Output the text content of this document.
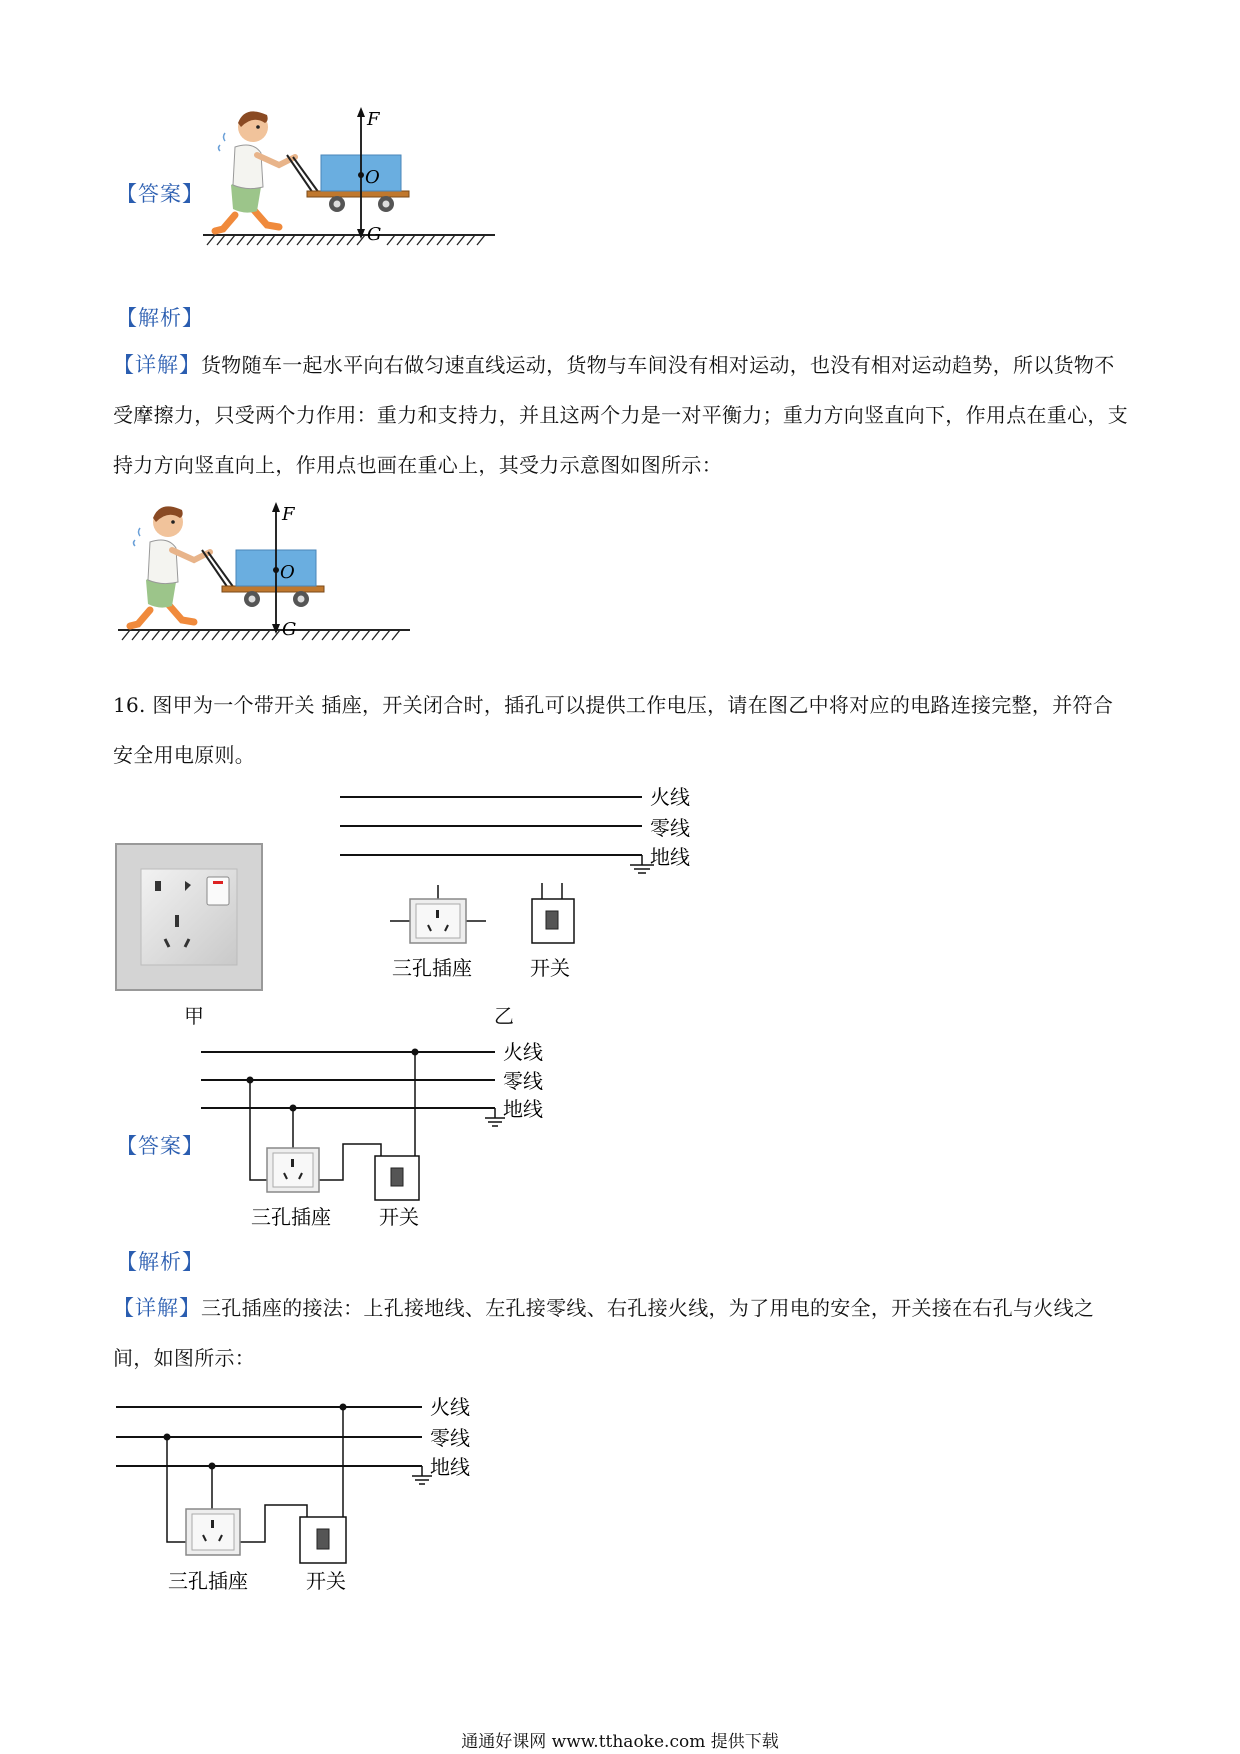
【答案】
F
O
G
【解析】
【详解】货物随车一起水平向右做匀速直线运动，货物与车间没有相对运动，也没有相对运动趋势，所以货物不受摩擦力，只受两个力作用：重力和支持力，并且这两个力是一对平衡力；重力方向竖直向下，作用点在重心，支持力方向竖直向上，作用点也画在重心上，其受力示意图如图所示：
F
O
G
16. 图甲为一个带开关 插座，开关闭合时，插孔可以提供工作电压，请在图乙中将对应的电路连接完整，并符合安全用电原则。
甲
火线
零线
地线
三孔插座	开关
乙
【答案】
火线
零线
地线
三孔插座 开关
【解析】
【详解】三孔插座的接法：上孔接地线、左孔接零线、右孔接火线，为了用电的安全，开关接在右孔与火线之间，如图所示：
火线
零线
地线
三孔插座	开关
通通好课网 www.tthaoke.com 提供下载
